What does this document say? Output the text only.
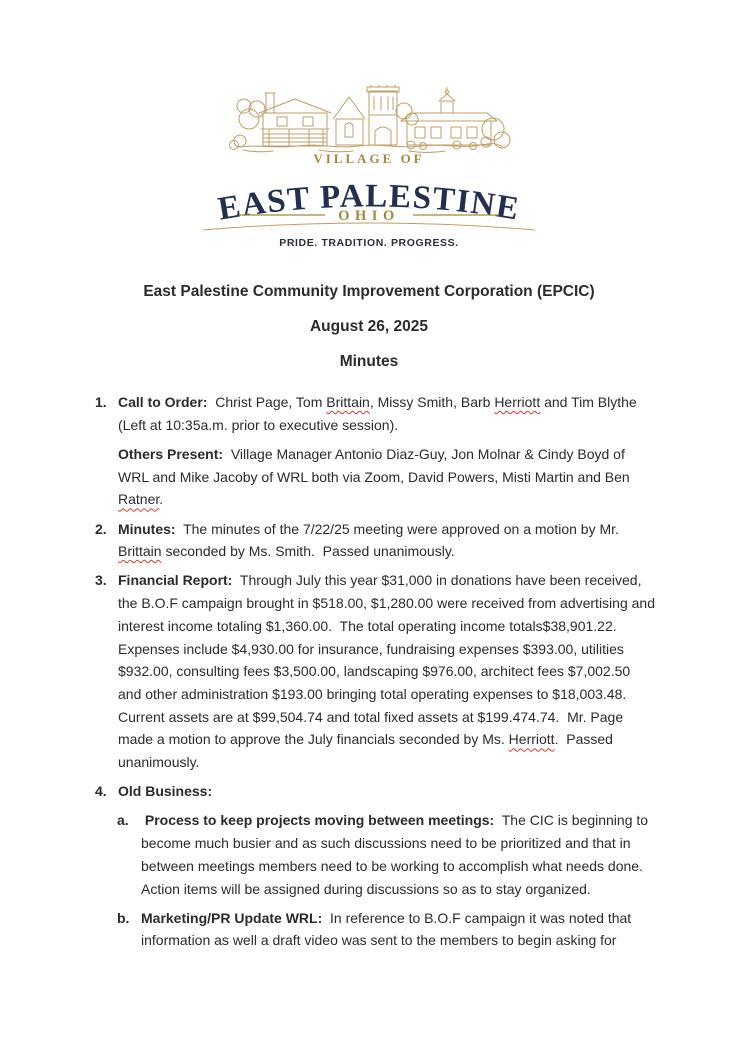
VILLAGE OF
EAST PALESTINE
OHIO
PRIDE. TRADITION. PROGRESS.
East Palestine Community Improvement Corporation (EPCIC)
August 26, 2025
Minutes
1. Call to Order:  Christ Page, Tom Brittain, Missy Smith, Barb Herriott and Tim Blythe (Left at 10:35a.m. prior to executive session).

Others Present:  Village Manager Antonio Diaz-Guy, Jon Molnar & Cindy Boyd of WRL and Mike Jacoby of WRL both via Zoom, David Powers, Misti Martin and Ben Ratner.

2. Minutes:  The minutes of the 7/22/25 meeting were approved on a motion by Mr. Brittain seconded by Ms. Smith.  Passed unanimously.

3. Financial Report:  Through July this year $31,000 in donations have been received, the B.O.F campaign brought in $518.00, $1,280.00 were received from advertising and interest income totaling $1,360.00.  The total operating income totals$38,901.22.  Expenses include $4,930.00 for insurance, fundraising expenses $393.00, utilities $932.00, consulting fees $3,500.00, landscaping $976.00, architect fees $7,002.50 and other administration $193.00 bringing total operating expenses to $18,003.48.  Current assets are at $99,504.74 and total fixed assets at $199.474.74.  Mr. Page made a motion to approve the July financials seconded by Ms. Herriott.  Passed unanimously.

4. Old Business:

a. Process to keep projects moving between meetings:  The CIC is beginning to become much busier and as such discussions need to be prioritized and that in between meetings members need to be working to accomplish what needs done.  Action items will be assigned during discussions so as to stay organized.

b. Marketing/PR Update WRL:  In reference to B.O.F campaign it was noted that information as well a draft video was sent to the members to begin asking for
